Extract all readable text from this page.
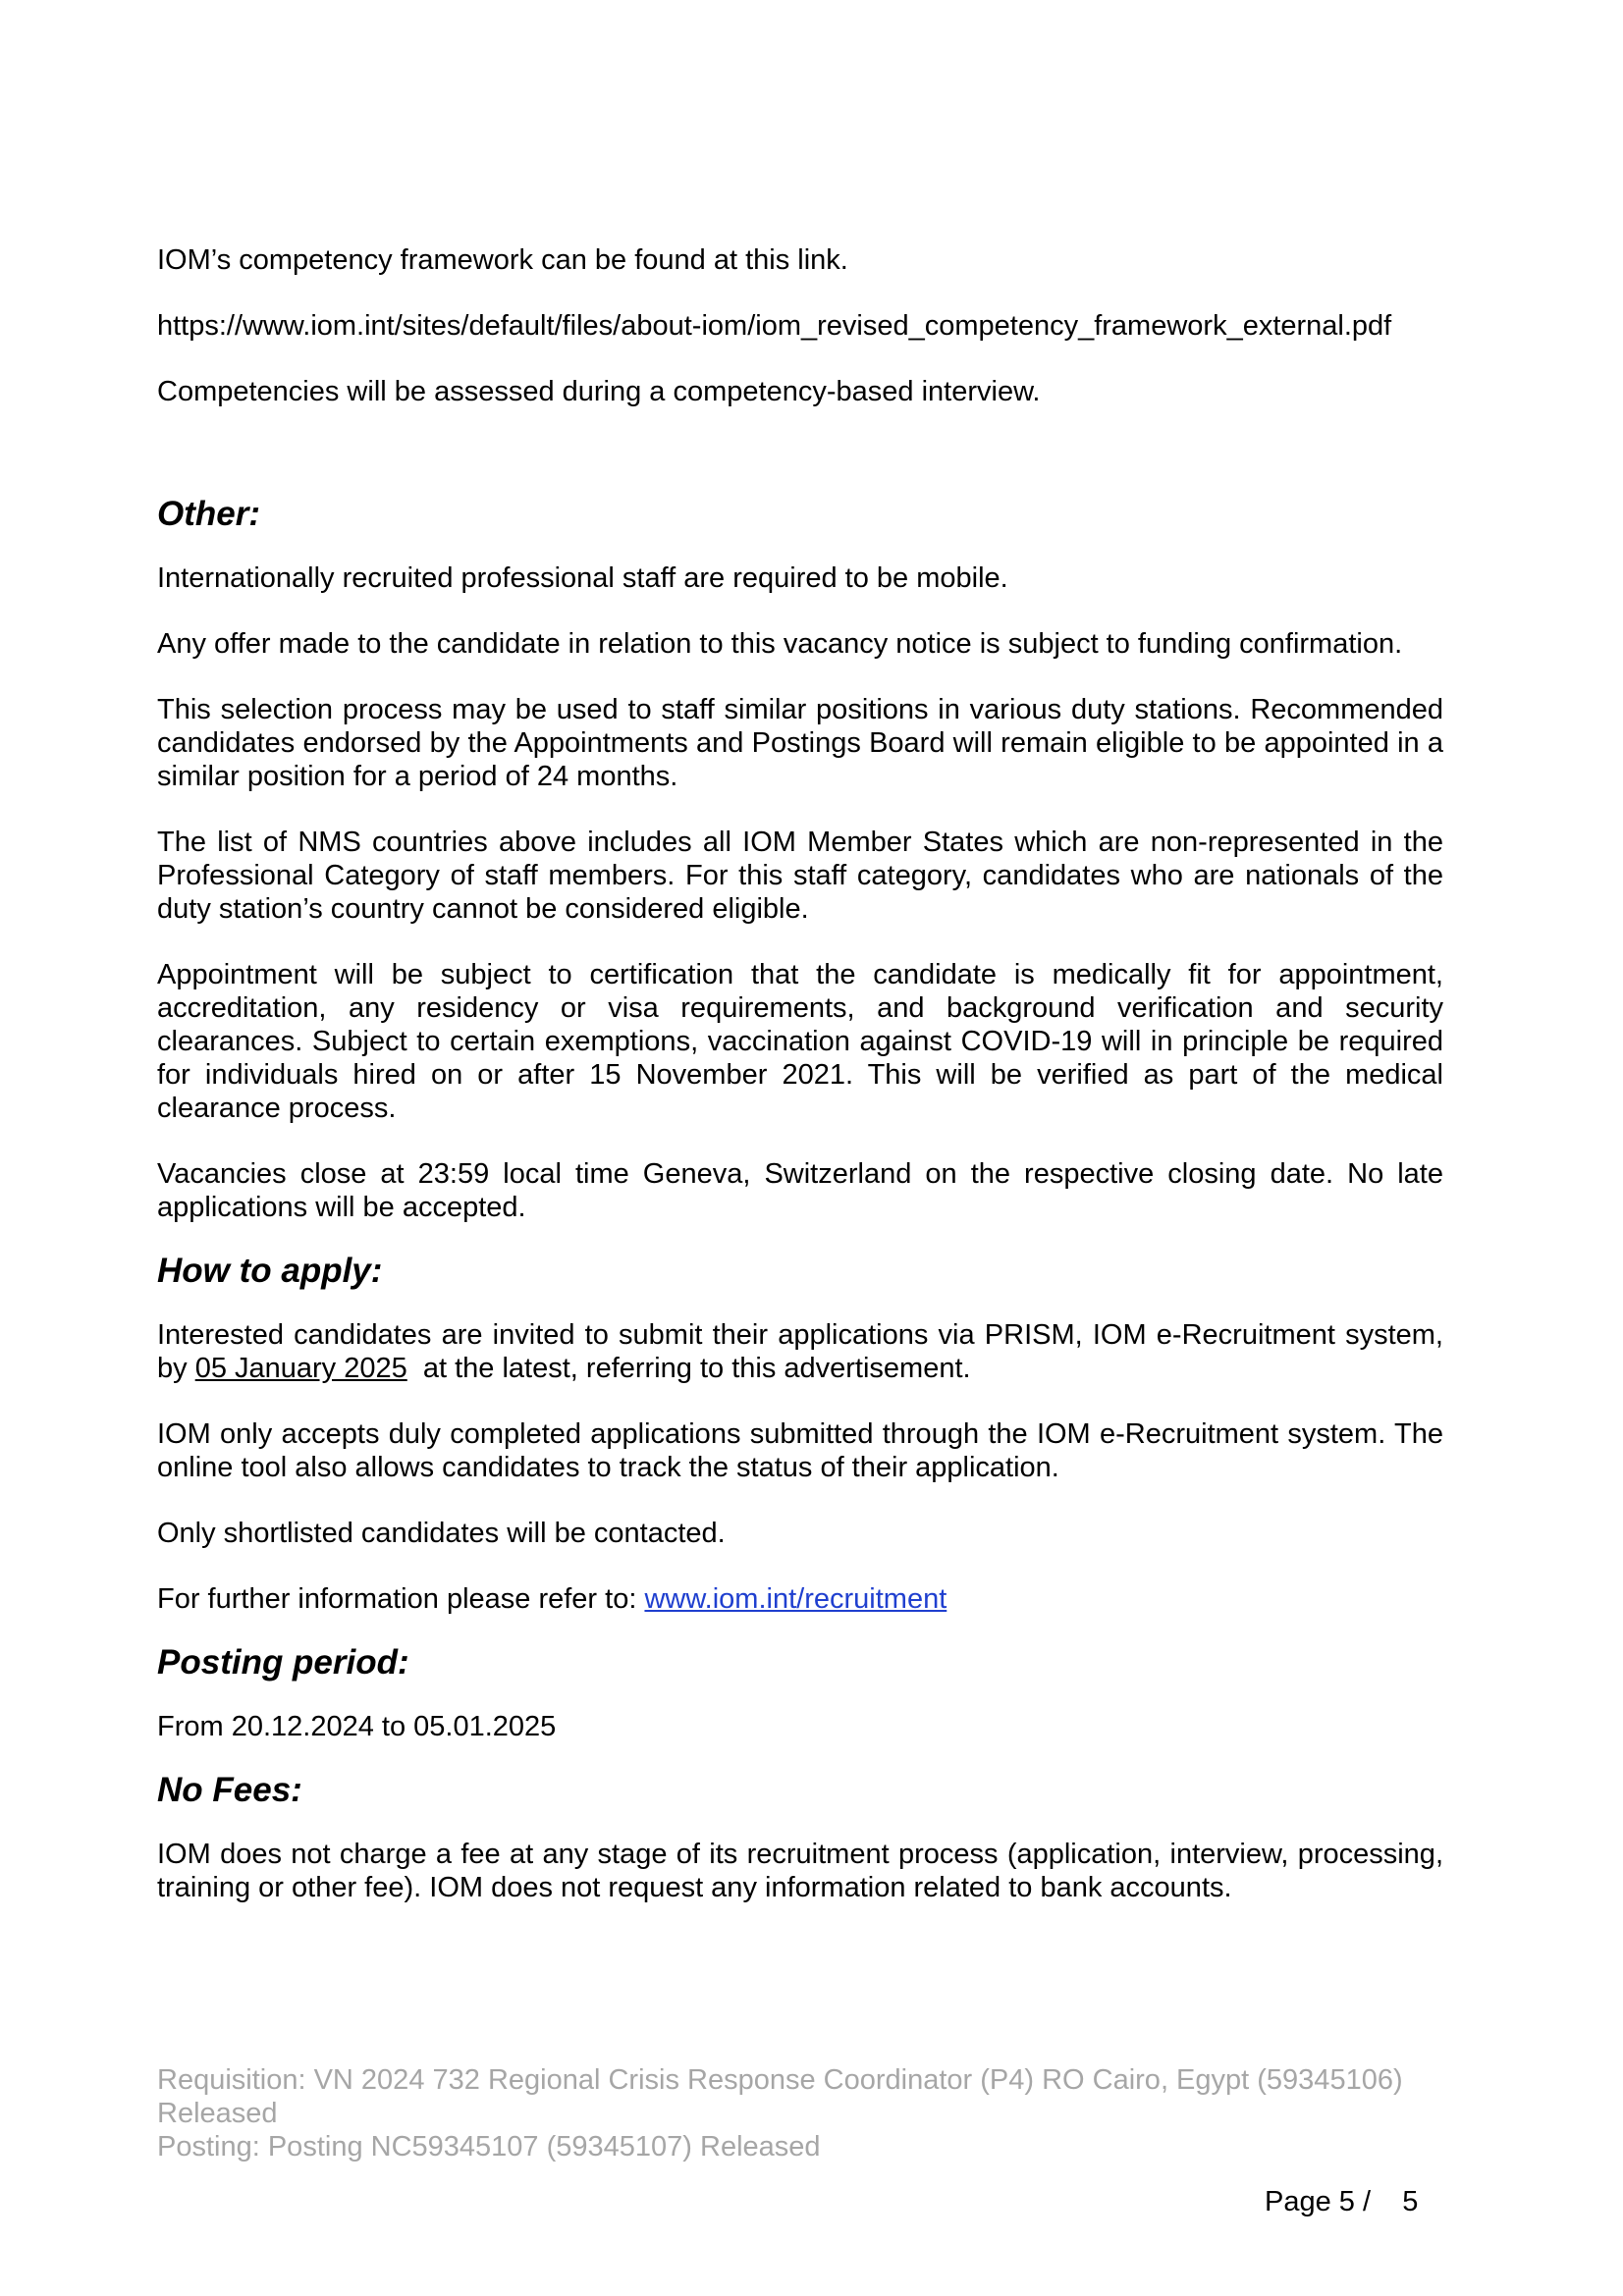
IOM’s competency framework can be found at this link.

https://www.iom.int/sites/default/files/about-iom/iom_revised_competency_framework_external.pdf

Competencies will be assessed during a competency-based interview.

Other:

Internationally recruited professional staff are required to be mobile.

Any offer made to the candidate in relation to this vacancy notice is subject to funding confirmation.

This selection process may be used to staff similar positions in various duty stations. Recommended candidates endorsed by the Appointments and Postings Board will remain eligible to be appointed in a similar position for a period of 24 months.

The list of NMS countries above includes all IOM Member States which are non-represented in the Professional Category of staff members. For this staff category, candidates who are nationals of the duty station’s country cannot be considered eligible.

Appointment will be subject to certification that the candidate is medically fit for appointment, accreditation, any residency or visa requirements, and background verification and security clearances. Subject to certain exemptions, vaccination against COVID-19 will in principle be required for individuals hired on or after 15 November 2021. This will be verified as part of the medical clearance process.

Vacancies close at 23:59 local time Geneva, Switzerland on the respective closing date. No late applications will be accepted.

How to apply:

Interested candidates are invited to submit their applications via PRISM, IOM e-Recruitment system, by 05 January 2025  at the latest, referring to this advertisement.

IOM only accepts duly completed applications submitted through the IOM e-Recruitment system. The online tool also allows candidates to track the status of their application.

Only shortlisted candidates will be contacted.

For further information please refer to: www.iom.int/recruitment

Posting period:

From 20.12.2024 to 05.01.2025

No Fees:

IOM does not charge a fee at any stage of its recruitment process (application, interview, processing, training or other fee). IOM does not request any information related to bank accounts.

Requisition: VN 2024 732 Regional Crisis Response Coordinator (P4) RO Cairo, Egypt (59345106)
Released
Posting: Posting NC59345107 (59345107) Released
Page 5 /    5
